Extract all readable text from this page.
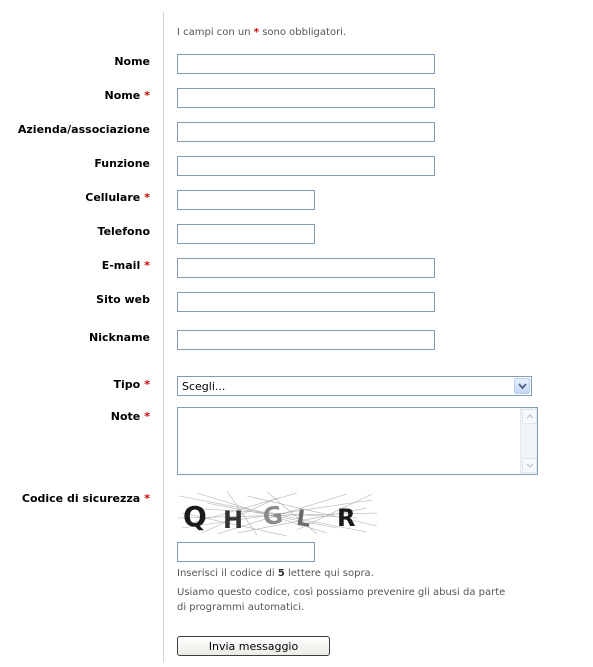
I campi con un * sono obbligatori.
Nome
Nome *
Azienda/associazione
Funzione
Cellulare *
Telefono
E-mail *
Sito web
Nickname
Tipo *	Scegli...
Note *
Codice di sicurezza *
Q H G L R
Inserisci il codice di 5 lettere qui sopra.
Usiamo questo codice, così possiamo prevenire gli abusi da parte
di programmi automatici.
Invia messaggio
